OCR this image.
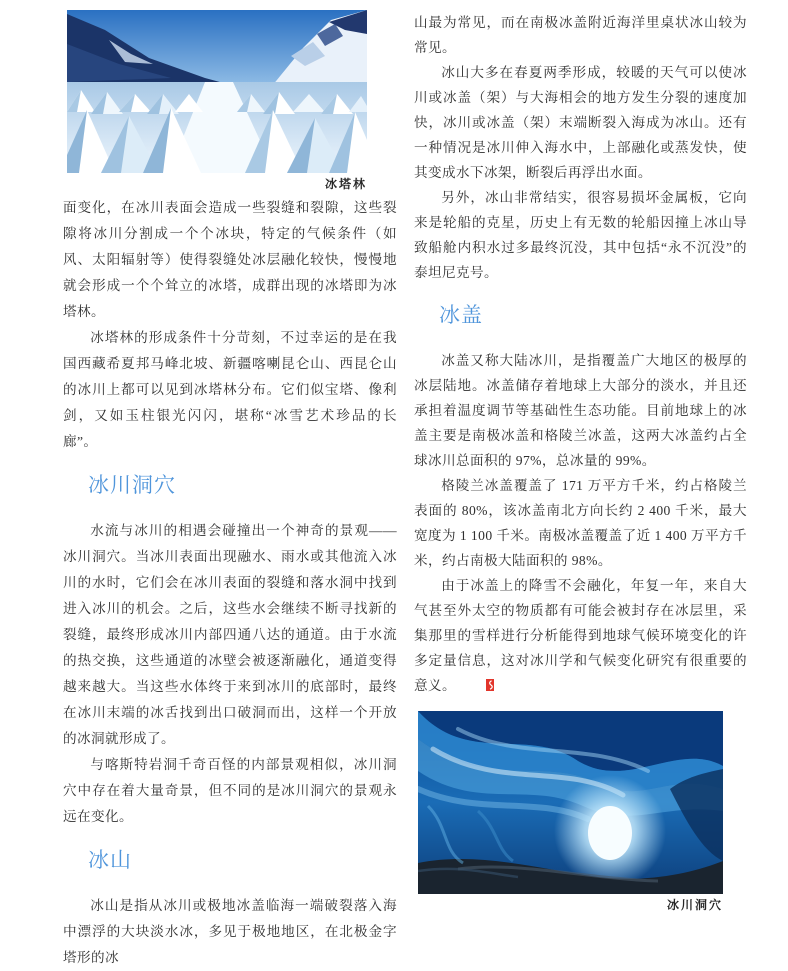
冰塔林

面变化，在冰川表面会造成一些裂缝和裂隙，这些裂隙将冰川分割成一个个冰块，特定的气候条件（如风、太阳辐射等）使得裂缝处冰层融化较快，慢慢地就会形成一个个耸立的冰塔，成群出现的冰塔即为冰塔林。

冰塔林的形成条件十分苛刻，不过幸运的是在我国西藏希夏邦马峰北坡、新疆喀喇昆仑山、西昆仑山的冰川上都可以见到冰塔林分布。它们似宝塔、像利剑，又如玉柱银光闪闪，堪称“冰雪艺术珍品的长廊”。

冰川洞穴

水流与冰川的相遇会碰撞出一个神奇的景观——冰川洞穴。当冰川表面出现融水、雨水或其他流入冰川的水时，它们会在冰川表面的裂缝和落水洞中找到进入冰川的机会。之后，这些水会继续不断寻找新的裂缝，最终形成冰川内部四通八达的通道。由于水流的热交换，这些通道的冰壁会被逐渐融化，通道变得越来越大。当这些水体终于来到冰川的底部时，最终在冰川末端的冰舌找到出口破洞而出，这样一个开放的冰洞就形成了。

与喀斯特岩洞千奇百怪的内部景观相似，冰川洞穴中存在着大量奇景，但不同的是冰川洞穴的景观永远在变化。

冰山

冰山是指从冰川或极地冰盖临海一端破裂落入海中漂浮的大块淡水冰，多见于极地地区，在北极金字塔形的冰

山最为常见，而在南极冰盖附近海洋里桌状冰山较为常见。

冰山大多在春夏两季形成，较暖的天气可以使冰川或冰盖（架）与大海相会的地方发生分裂的速度加快，冰川或冰盖（架）末端断裂入海成为冰山。还有一种情况是冰川伸入海水中，上部融化或蒸发快，使其变成水下冰架，断裂后再浮出水面。

另外，冰山非常结实，很容易损坏金属板，它向来是轮船的克星，历史上有无数的轮船因撞上冰山导致船舱内积水过多最终沉没，其中包括“永不沉没”的泰坦尼克号。

冰盖

冰盖又称大陆冰川，是指覆盖广大地区的极厚的冰层陆地。冰盖储存着地球上大部分的淡水，并且还承担着温度调节等基础性生态功能。目前地球上的冰盖主要是南极冰盖和格陵兰冰盖，这两大冰盖约占全球冰川总面积的 97%，总冰量的 99%。

格陵兰冰盖覆盖了 171 万平方千米，约占格陵兰表面的 80%，该冰盖南北方向长约 2 400 千米，最大宽度为 1 100 千米。南极冰盖覆盖了近 1 400 万平方千米，约占南极大陆面积的 98%。

由于冰盖上的降雪不会融化，年复一年，来自大气甚至外太空的物质都有可能会被封存在冰层里，采集那里的雪样进行分析能得到地球气候环境变化的许多定量信息，这对冰川学和气候变化研究有很重要的意义。

冰川洞穴
